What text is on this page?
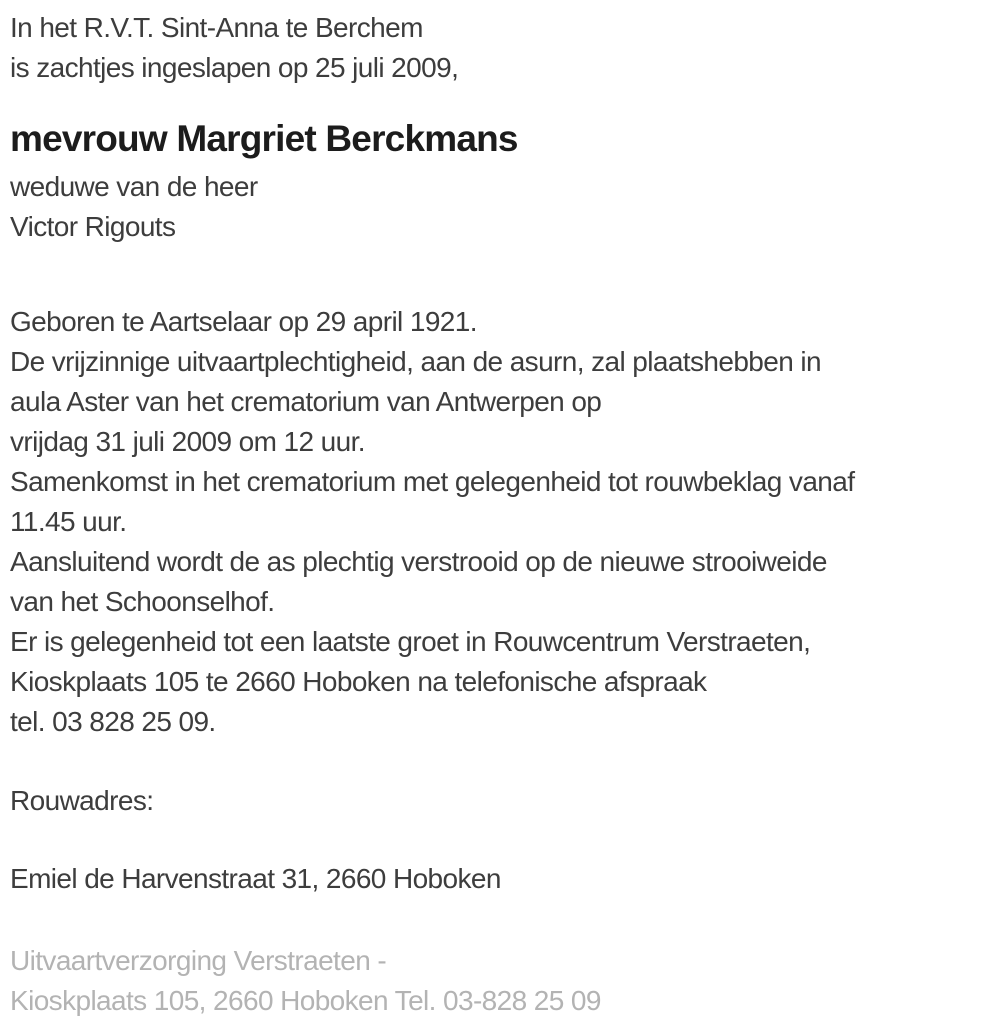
In het R.V.T. Sint-Anna te Berchem
is zachtjes ingeslapen op 25 juli 2009,
mevrouw Margriet Berckmans
weduwe van de heer
Victor Rigouts
Geboren te Aartselaar op 29 april 1921.
De vrijzinnige uitvaartplechtigheid, aan de asurn, zal plaatshebben in
aula Aster van het crematorium van Antwerpen op
vrijdag 31 juli 2009 om 12 uur.
Samenkomst in het crematorium met gelegenheid tot rouwbeklag vanaf
11.45 uur.
Aansluitend wordt de as plechtig verstrooid op de nieuwe strooiweide
van het Schoonselhof.
Er is gelegenheid tot een laatste groet in Rouwcentrum Verstraeten,
Kioskplaats 105 te 2660 Hoboken na telefonische afspraak
tel. 03 828 25 09.
Rouwadres:
Emiel de Harvenstraat 31, 2660 Hoboken
Uitvaartverzorging Verstraeten -
Kioskplaats 105, 2660 Hoboken Tel. 03-828 25 09
